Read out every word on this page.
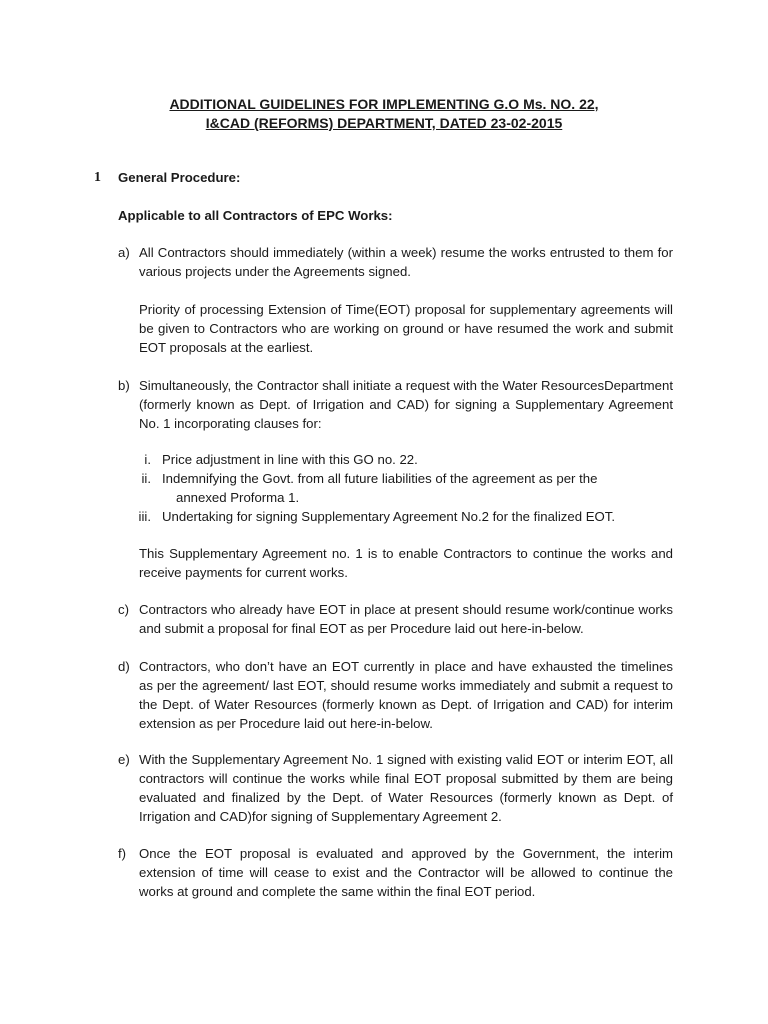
ADDITIONAL GUIDELINES FOR IMPLEMENTING G.O Ms. NO. 22,
I&CAD (REFORMS) DEPARTMENT, DATED 23-02-2015
1 General Procedure:
Applicable to all Contractors of EPC Works:
a) All Contractors should immediately (within a week) resume the works entrusted to them for various projects under the Agreements signed.
Priority of processing Extension of Time(EOT) proposal for supplementary agreements will be given to Contractors who are working on ground or have resumed the work and submit EOT proposals at the earliest.
b) Simultaneously, the Contractor shall initiate a request with the Water ResourcesDepartment (formerly known as Dept. of Irrigation and CAD) for signing a Supplementary Agreement No. 1 incorporating clauses for:
i. Price adjustment in line with this GO no. 22.
ii. Indemnifying the Govt. from all future liabilities of the agreement as per the
annexed Proforma 1.
iii. Undertaking for signing Supplementary Agreement No.2 for the finalized EOT.
This Supplementary Agreement no. 1 is to enable Contractors to continue the works and receive payments for current works.
c) Contractors who already have EOT in place at present should resume work/continue works and submit a proposal for final EOT as per Procedure laid out here-in-below.
d) Contractors, who don’t have an EOT currently in place and have exhausted the timelines as per the agreement/ last EOT, should resume works immediately and submit a request to the Dept. of Water Resources (formerly known as Dept. of Irrigation and CAD) for interim extension as per Procedure laid out here-in-below.
e) With the Supplementary Agreement No. 1 signed with existing valid EOT or interim EOT, all contractors will continue the works while final EOT proposal submitted by them are being evaluated and finalized by the Dept. of Water Resources (formerly known as Dept. of Irrigation and CAD)for signing of Supplementary Agreement 2.
f) Once the EOT proposal is evaluated and approved by the Government, the interim extension of time will cease to exist and the Contractor will be allowed to continue the works at ground and complete the same within the final EOT period.
